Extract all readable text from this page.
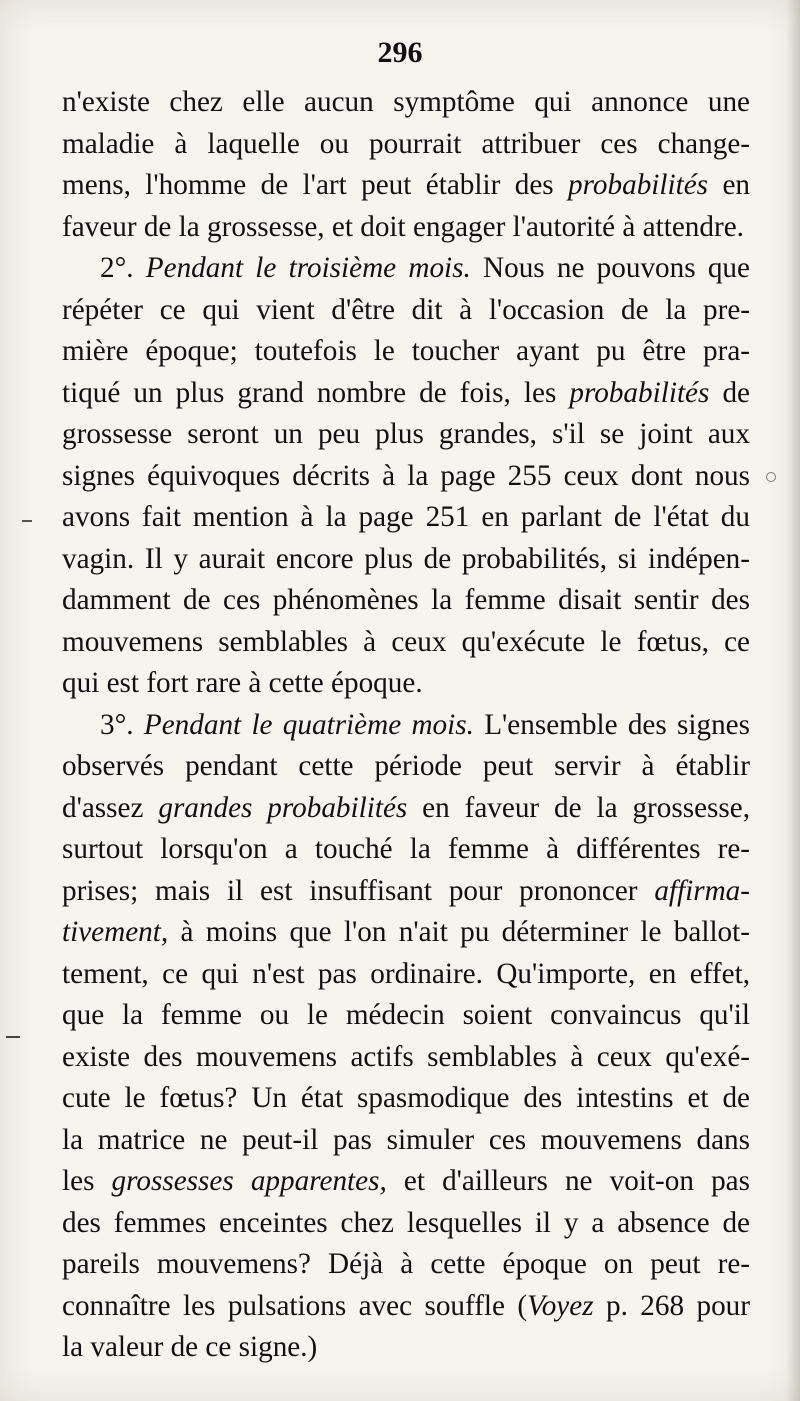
296
n'existe chez elle aucun symptôme qui annonce une
maladie à laquelle ou pourrait attribuer ces change-
mens, l'homme de l'art peut établir des probabilités en
faveur de la grossesse, et doit engager l'autorité à attendre.
2°. Pendant le troisième mois. Nous ne pouvons que
répéter ce qui vient d'être dit à l'occasion de la pre-
mière époque; toutefois le toucher ayant pu être pra-
tiqué un plus grand nombre de fois, les probabilités de
grossesse seront un peu plus grandes, s'il se joint aux
signes équivoques décrits à la page 255 ceux dont nous
avons fait mention à la page 251 en parlant de l'état du
vagin. Il y aurait encore plus de probabilités, si indépen-
damment de ces phénomènes la femme disait sentir des
mouvemens semblables à ceux qu'exécute le fœtus, ce
qui est fort rare à cette époque.
3°. Pendant le quatrième mois. L'ensemble des signes
observés pendant cette période peut servir à établir
d'assez grandes probabilités en faveur de la grossesse,
surtout lorsqu'on a touché la femme à différentes re-
prises; mais il est insuffisant pour prononcer affirma-
tivement, à moins que l'on n'ait pu déterminer le ballot-
tement, ce qui n'est pas ordinaire. Qu'importe, en effet,
que la femme ou le médecin soient convaincus qu'il
existe des mouvemens actifs semblables à ceux qu'exé-
cute le fœtus? Un état spasmodique des intestins et de
la matrice ne peut-il pas simuler ces mouvemens dans
les grossesses apparentes, et d'ailleurs ne voit-on pas
des femmes enceintes chez lesquelles il y a absence de
pareils mouvemens? Déjà à cette époque on peut re-
connaître les pulsations avec souffle (Voyez p. 268 pour
la valeur de ce signe.)
